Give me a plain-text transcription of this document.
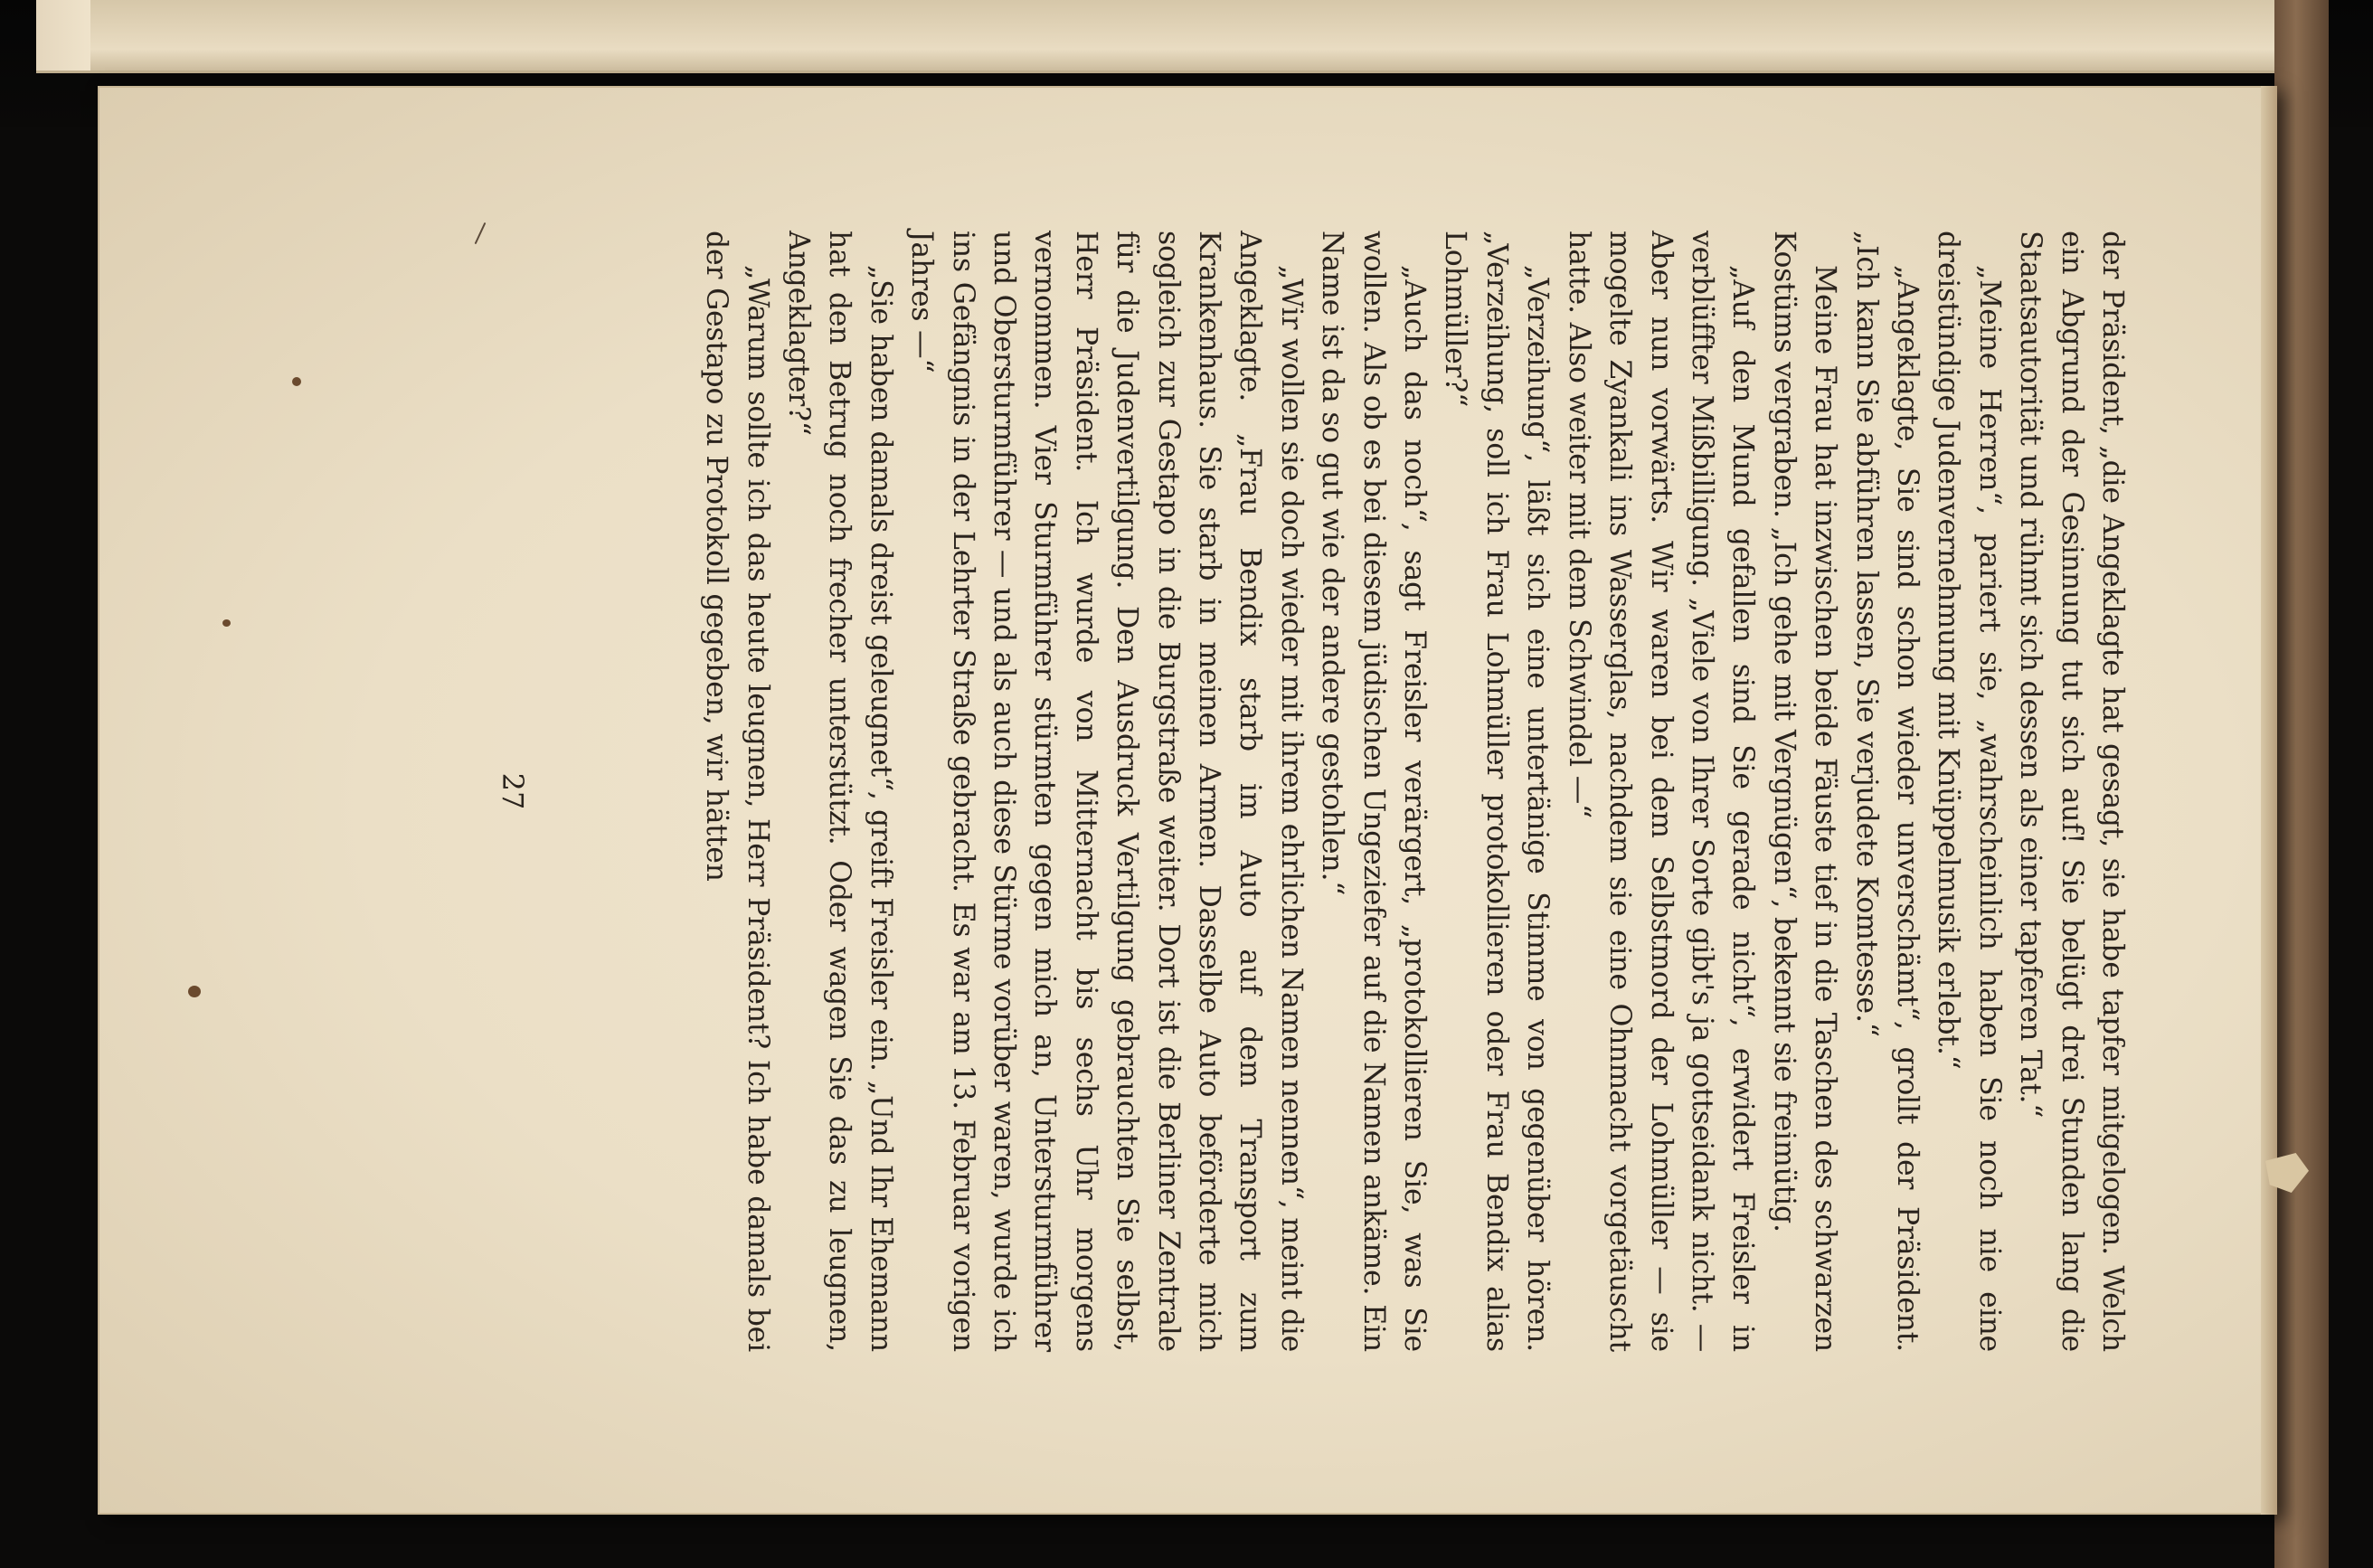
der Präsident, „die Angeklagte hat gesagt, sie habe tapfer mitgelogen. Welch ein Abgrund der Gesinnung tut sich auf! Sie belügt drei Stunden lang die Staatsautorität und rühmt sich dessen als einer tapferen Tat.“

„Meine Herren“, pariert sie, „wahrscheinlich haben Sie noch nie eine dreistündige Judenvernehmung mit Knüppelmusik erlebt.“

„Angeklagte, Sie sind schon wieder unverschämt“, grollt der Präsident. „Ich kann Sie abführen lassen, Sie verjudete Komtesse.“

Meine Frau hat inzwischen beide Fäuste tief in die Taschen des schwarzen Kostüms vergraben. „Ich gehe mit Vergnügen“, bekennt sie freimütig.

„Auf den Mund gefallen sind Sie gerade nicht“, erwidert Freisler in verblüffter Mißbilligung. „Viele von Ihrer Sorte gibt's ja gottseidank nicht. — Aber nun vorwärts. Wir waren bei dem Selbstmord der Lohmüller — sie mogelte Zyankali ins Wasserglas, nachdem sie eine Ohnmacht vorgetäuscht hatte. Also weiter mit dem Schwindel —“

„Verzeihung“, läßt sich eine untertänige Stimme von gegenüber hören. „Verzeihung, soll ich Frau Lohmüller protokollieren oder Frau Bendix alias Lohmüller?“

„Auch das noch“, sagt Freisler verärgert, „protokollieren Sie, was Sie wollen. Als ob es bei diesem jüdischen Ungeziefer auf die Namen ankäme. Ein Name ist da so gut wie der andere gestohlen.“

„Wir wollen sie doch wieder mit ihrem ehrlichen Namen nennen“, meint die Angeklagte. „Frau Bendix starb im Auto auf dem Transport zum Krankenhaus. Sie starb in meinen Armen. Dasselbe Auto beförderte mich sogleich zur Gestapo in die Burgstraße weiter. Dort ist die Berliner Zentrale für die Judenvertilgung. Den Ausdruck Vertilgung gebrauchten Sie selbst, Herr Präsident. Ich wurde von Mitternacht bis sechs Uhr morgens vernommen. Vier Sturmführer stürmten gegen mich an, Untersturmführer und Obersturmführer — und als auch diese Stürme vorüber waren, wurde ich ins Gefängnis in der Lehrter Straße gebracht. Es war am 13. Februar vorigen Jahres —“

„Sie haben damals dreist geleugnet“, greift Freisler ein. „Und Ihr Ehemann hat den Betrug noch frecher unterstützt. Oder wagen Sie das zu leugnen, Angeklagter?“

„Warum sollte ich das heute leugnen, Herr Präsident? Ich habe damals bei der Gestapo zu Protokoll gegeben, wir hätten

27
